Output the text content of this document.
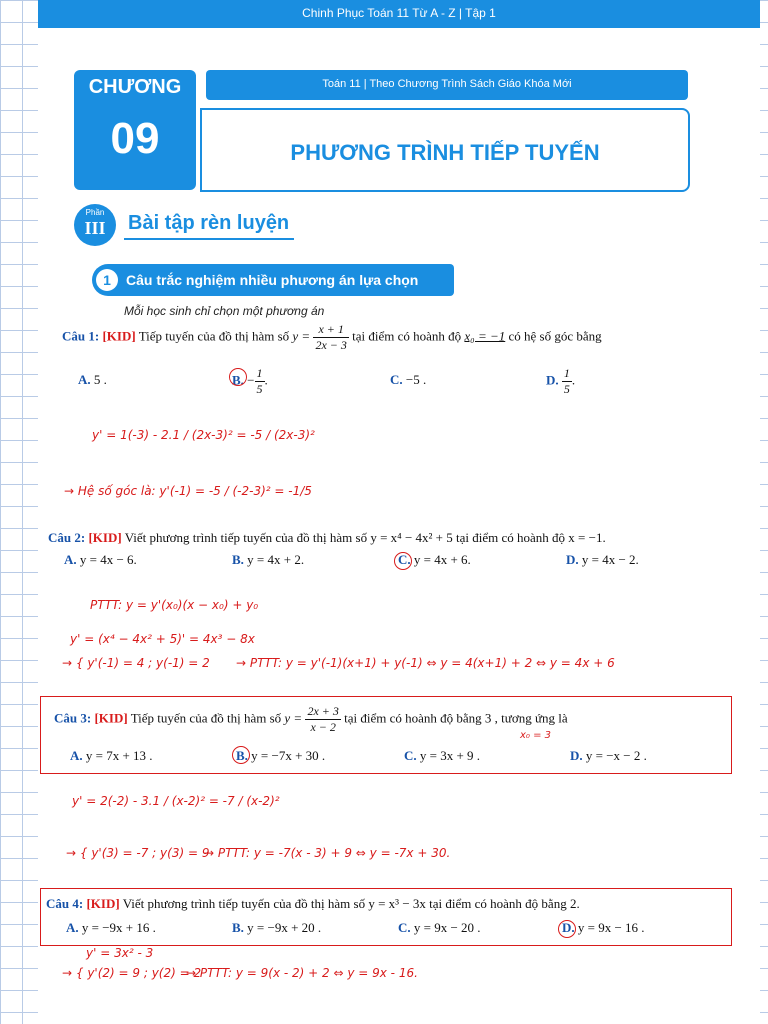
Chinh Phục Toán 11 Từ A - Z | Tập 1
CHƯƠNG
09
Toán 11 | Theo Chương Trình Sách Giáo Khóa Mới
PHƯƠNG TRÌNH TIẾP TUYẾN
Phần
III	Bài tập rèn luyện
1	Câu trắc nghiệm nhiều phương án lựa chọn
Mỗi học sinh chỉ chọn một phương án
Câu 1: [KID] Tiếp tuyến của đồ thị hàm số $y = \frac{x + 1}{2x - 3}$ tại điểm có hoành độ x₀ = −1 có hệ số góc bằng
A. 5 .	B. − $\frac{1}{5}$ .	C. −5 .	D. $\frac{1}{5}$ .
y' = 1(-3) - 2.1 / (2x-3)² = -5 / (2x-3)²
→ Hệ số góc là: y'(-1) = -5 / (-2-3)² = -1/5
Câu 2: [KID] Viết phương trình tiếp tuyến của đồ thị hàm số y = x⁴ − 4x² + 5 tại điểm có hoành độ x = −1.
A. y = 4x − 6.	B. y = 4x + 2.	C. y = 4x + 6.	D. y = 4x − 2.
PTTT: y = y'(x₀)(x − x₀) + y₀
y' = (x⁴ − 4x² + 5)' = 4x³ − 8x
→ { y'(-1) = 4 ; y(-1) = 2 → PTTT: y = y'(-1)(x+1) + y(-1) ⇔ y = 4(x+1) + 2 ⇔ y = 4x + 6
Câu 3: [KID] Tiếp tuyến của đồ thị hàm số $y = \frac{2x + 3}{x - 2}$ tại điểm có hoành độ bằng 3 , tương ứng là
x₀ = 3
A. y = 7x + 13 .	B. y = −7x + 30 .	C. y = 3x + 9 .	D. y = −x − 2 .
y' = 2(-2) - 3.1 / (x-2)² = -7 / (x-2)²
→ { y'(3) = -7 ; y(3) = 9
→ PTTT: y = -7(x - 3) + 9 ⇔ y = -7x + 30.
Câu 4: [KID] Viết phương trình tiếp tuyến của đồ thị hàm số y = x³ − 3x tại điểm có hoành độ bằng 2.
A. y = −9x + 16 .	B. y = −9x + 20 .	C. y = 9x − 20 .	D. y = 9x − 16 .
y' = 3x² - 3
→ { y'(2) = 9 ; y(2) = 2
→ PTTT: y = 9(x - 2) + 2 ⇔ y = 9x - 16.
